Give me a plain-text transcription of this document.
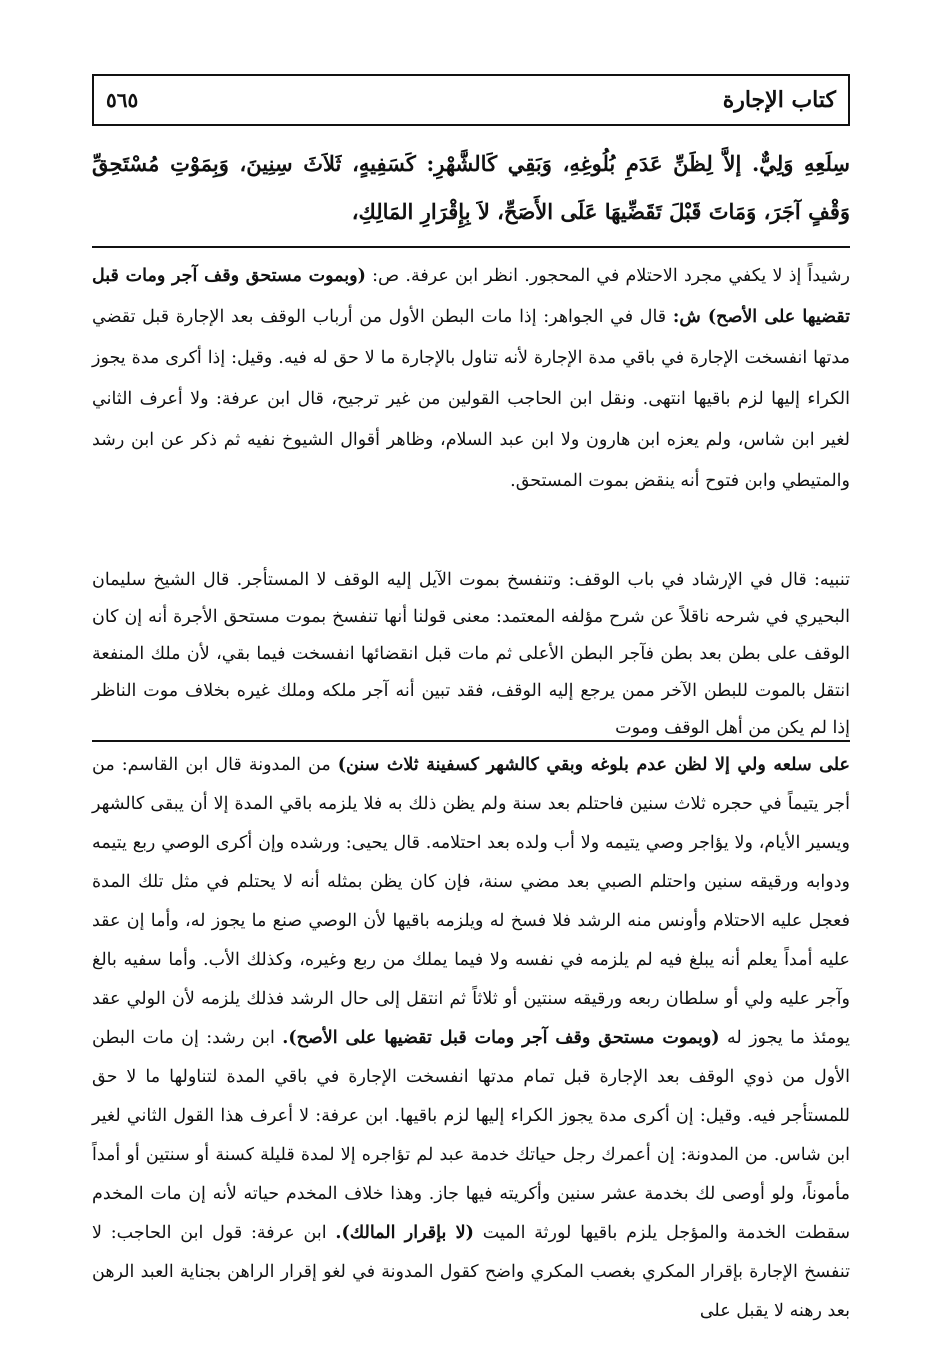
كتاب الإجارة
٥٦٥

سِلَعِهِ وَلِيٌّ. إلاَّ لِظَنِّ عَدَمِ بُلُوغِهِ، وَبَقِي كَالشَّهْرِ: كَسَفِيهٍ، ثَلاَثَ سِنِينَ، وَبِمَوْتِ مُسْتَحِقِّ وَقْفٍ آجَرَ، وَمَاتَ قَبْلَ تَقَضِّيهَا عَلَى الأَصَحِّ، لاَ بِإِقْرَارِ المَالِكِ،

رشيداً إذ لا يكفي مجرد الاحتلام في المحجور. انظر ابن عرفة. ص: (وبموت مستحق وقف آجر ومات قبل تقضيها على الأصح) ش: قال في الجواهر: إذا مات البطن الأول من أرباب الوقف بعد الإجارة قبل تقضي مدتها انفسخت الإجارة في باقي مدة الإجارة لأنه تناول بالإجارة ما لا حق له فيه. وقيل: إذا أكرى مدة يجوز الكراء إليها لزم باقيها انتهى. ونقل ابن الحاجب القولين من غير ترجيح، قال ابن عرفة: ولا أعرف الثاني لغير ابن شاس، ولم يعزه ابن هارون ولا ابن عبد السلام، وظاهر أقوال الشيوخ نفيه ثم ذكر عن ابن رشد والمتيطي وابن فتوح أنه ينقض بموت المستحق.

تنبيه: قال في الإرشاد في باب الوقف: وتنفسخ بموت الآيل إليه الوقف لا المستأجر. قال الشيخ سليمان البحيري في شرحه ناقلاً عن شرح مؤلفه المعتمد: معنى قولنا أنها تنفسخ بموت مستحق الأجرة أنه إن كان الوقف على بطن بعد بطن فآجر البطن الأعلى ثم مات قبل انقضائها انفسخت فيما بقي، لأن ملك المنفعة انتقل بالموت للبطن الآخر ممن يرجع إليه الوقف، فقد تبين أنه آجر ملكه وملك غيره بخلاف موت الناظر إذا لم يكن من أهل الوقف وموت

على سلعه ولي إلا لظن عدم بلوغه وبقي كالشهر كسفينة ثلاث سنن) من المدونة قال ابن القاسم: من أجر يتيماً في حجره ثلاث سنين فاحتلم بعد سنة ولم يظن ذلك به فلا يلزمه باقي المدة إلا أن يبقى كالشهر ويسير الأيام، ولا يؤاجر وصي يتيمه ولا أب ولده بعد احتلامه. قال يحيى: ورشده وإن أكرى الوصي ربع يتيمه ودوابه ورقيقه سنين واحتلم الصبي بعد مضي سنة، فإن كان يظن بمثله أنه لا يحتلم في مثل تلك المدة فعجل عليه الاحتلام وأونس منه الرشد فلا فسخ له ويلزمه باقيها لأن الوصي صنع ما يجوز له، وأما إن عقد عليه أمداً يعلم أنه يبلغ فيه لم يلزمه في نفسه ولا فيما يملك من ربع وغيره، وكذلك الأب. وأما سفيه بالغ وآجر عليه ولي أو سلطان ربعه ورقيقه سنتين أو ثلاثاً ثم انتقل إلى حال الرشد فذلك يلزمه لأن الولي عقد يومئذ ما يجوز له (وبموت مستحق وقف آجر ومات قبل تقضيها على الأصح). ابن رشد: إن مات البطن الأول من ذوي الوقف بعد الإجارة قبل تمام مدتها انفسخت الإجارة في باقي المدة لتناولها ما لا حق للمستأجر فيه. وقيل: إن أكرى مدة يجوز الكراء إليها لزم باقيها. ابن عرفة: لا أعرف هذا القول الثاني لغير ابن شاس. من المدونة: إن أعمرك رجل حياتك خدمة عبد لم تؤاجره إلا لمدة قليلة كسنة أو سنتين أو أمداً مأموناً، ولو أوصى لك بخدمة عشر سنين وأكريته فيها جاز. وهذا خلاف المخدم حياته لأنه إن مات المخدم سقطت الخدمة والمؤجل يلزم باقيها لورثة الميت (لا بإقرار المالك). ابن عرفة: قول ابن الحاجب: لا تنفسخ الإجارة بإقرار المكري بغصب المكري واضح كقول المدونة في لغو إقرار الراهن بجناية العبد الرهن بعد رهنه لا يقبل على
